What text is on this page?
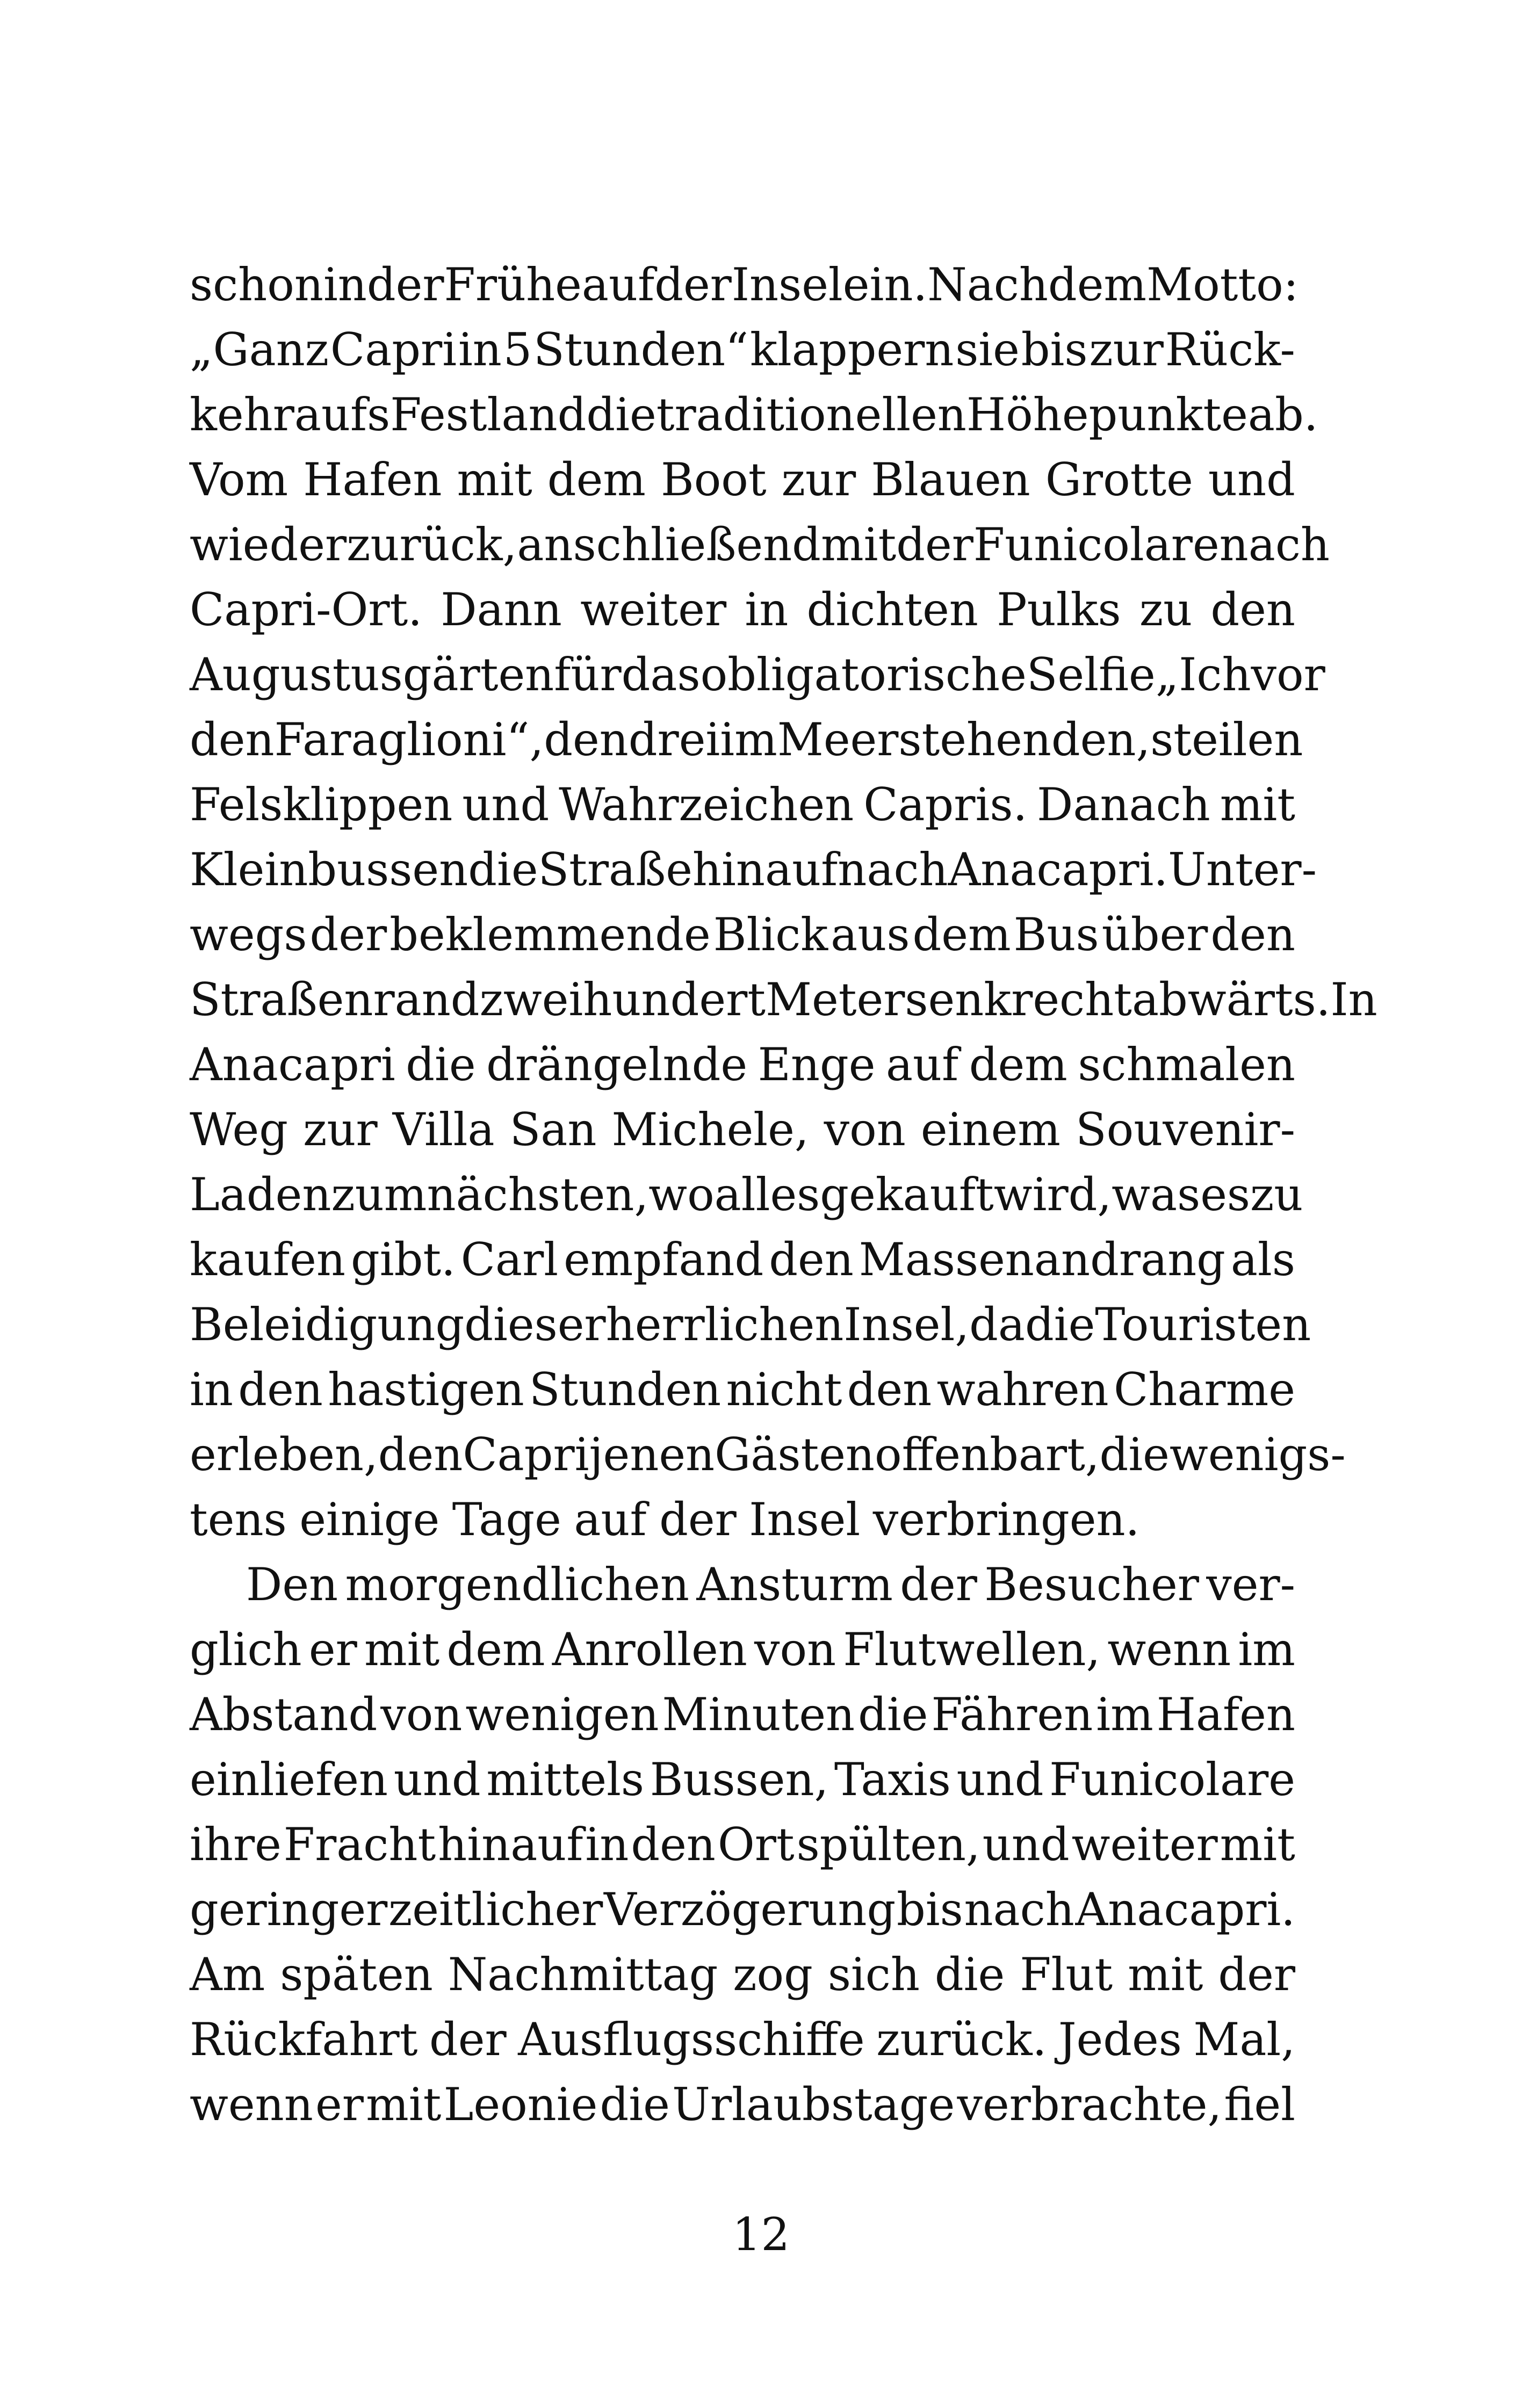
schon in der Frühe auf der Insel ein. Nach dem Motto:
„Ganz Capri in 5 Stunden“ klappern sie bis zur Rück-
kehr aufs Festland die traditionellen Höhepunkte ab.
Vom Hafen mit dem Boot zur Blauen Grotte und
wieder zurück, anschließend mit der Funicolare nach
Capri-Ort. Dann weiter in dichten Pulks zu den
Augustusgärten für das obligatorische Selfie „Ich vor
den Faraglioni“, den drei im Meer stehenden, steilen
Felsklippen und Wahrzeichen Capris. Danach mit
Kleinbussen die Straße hinauf nach Anacapri. Unter-
wegs der beklemmende Blick aus dem Bus über den
Straßenrand zweihundert Meter senkrecht abwärts. In
Anacapri die drängelnde Enge auf dem schmalen
Weg zur Villa San Michele, von einem Souvenir-
Laden zum nächsten, wo alles gekauft wird, was es zu
kaufen gibt. Carl empfand den Massenandrang als
Beleidigung dieser herrlichen Insel, da die Touristen
in den hastigen Stunden nicht den wahren Charme
erleben, den Capri jenen Gästen offenbart, die wenigs-
tens einige Tage auf der Insel verbringen.
Den morgendlichen Ansturm der Besucher ver-
glich er mit dem Anrollen von Flutwellen, wenn im
Abstand von wenigen Minuten die Fähren im Hafen
einliefen und mittels Bussen, Taxis und Funicolare
ihre Fracht hinauf in den Ort spülten, und weiter mit
geringer zeitlicher Verzögerung bis nach Anacapri.
Am späten Nachmittag zog sich die Flut mit der
Rückfahrt der Ausflugsschiffe zurück. Jedes Mal,
wenn er mit Leonie die Urlaubstage verbrachte, fiel
12
